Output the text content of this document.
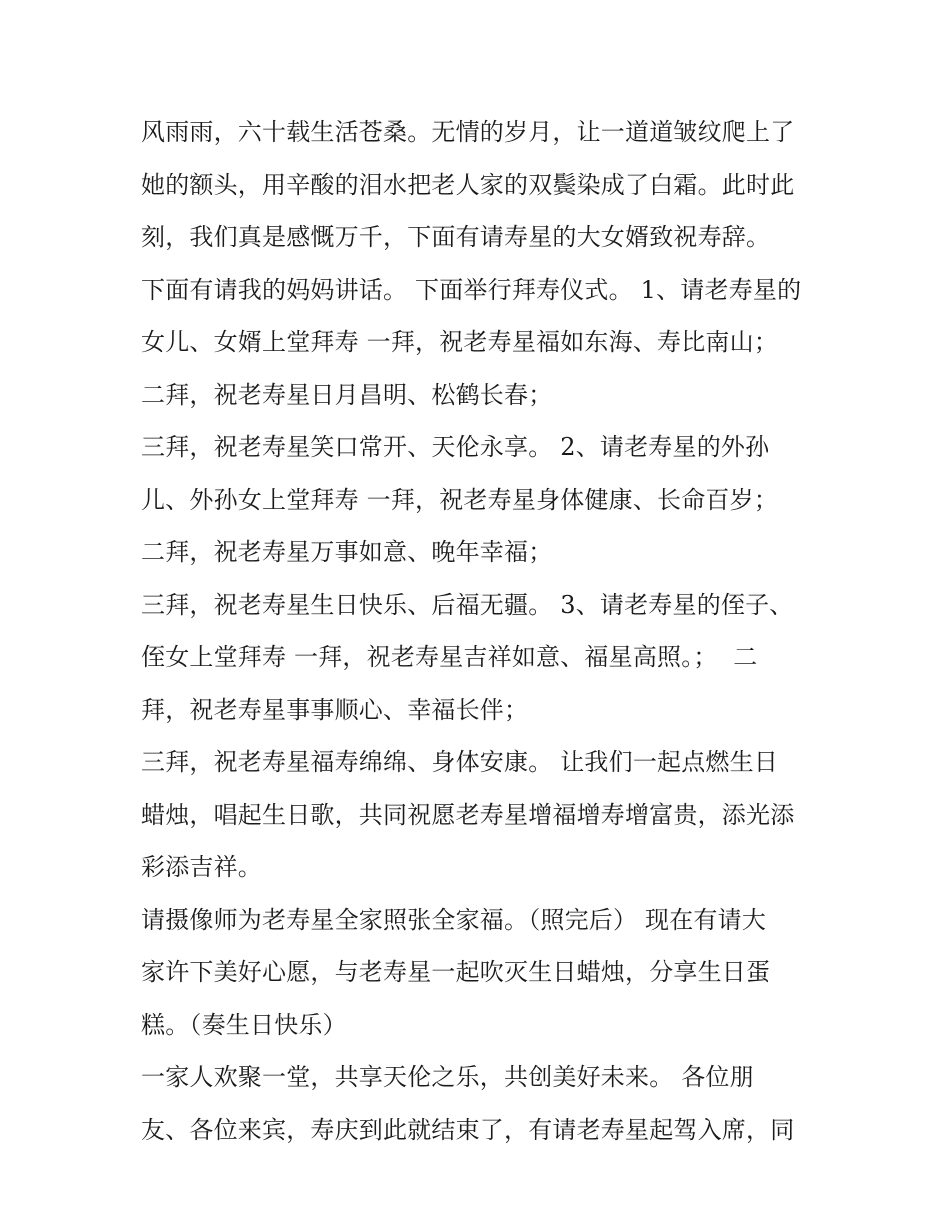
风雨雨，六十载生活苍桑。无情的岁月，让一道道皱纹爬上了
她的额头，用辛酸的泪水把老人家的双鬓染成了白霜。此时此
刻，我们真是感慨万千，下面有请寿星的大女婿致祝寿辞。
下面有请我的妈妈讲话。 下面举行拜寿仪式。 1、请老寿星的
女儿、女婿上堂拜寿 一拜，祝老寿星福如东海、寿比南山；
二拜，祝老寿星日月昌明、松鹤长春；
三拜，祝老寿星笑口常开、天伦永享。 2、请老寿星的外孙
儿、外孙女上堂拜寿 一拜，祝老寿星身体健康、长命百岁；
二拜，祝老寿星万事如意、晚年幸福；
三拜，祝老寿星生日快乐、后福无疆。 3、请老寿星的侄子、
侄女上堂拜寿 一拜，祝老寿星吉祥如意、福星高照。；  二
拜，祝老寿星事事顺心、幸福长伴；
三拜，祝老寿星福寿绵绵、身体安康。 让我们一起点燃生日
蜡烛，唱起生日歌，共同祝愿老寿星增福增寿增富贵，添光添
彩添吉祥。
请摄像师为老寿星全家照张全家福。（照完后） 现在有请大
家许下美好心愿，与老寿星一起吹灭生日蜡烛，分享生日蛋
糕。（奏生日快乐）
一家人欢聚一堂，共享天伦之乐，共创美好未来。 各位朋
友、各位来宾，寿庆到此就结束了，有请老寿星起驾入席，同
